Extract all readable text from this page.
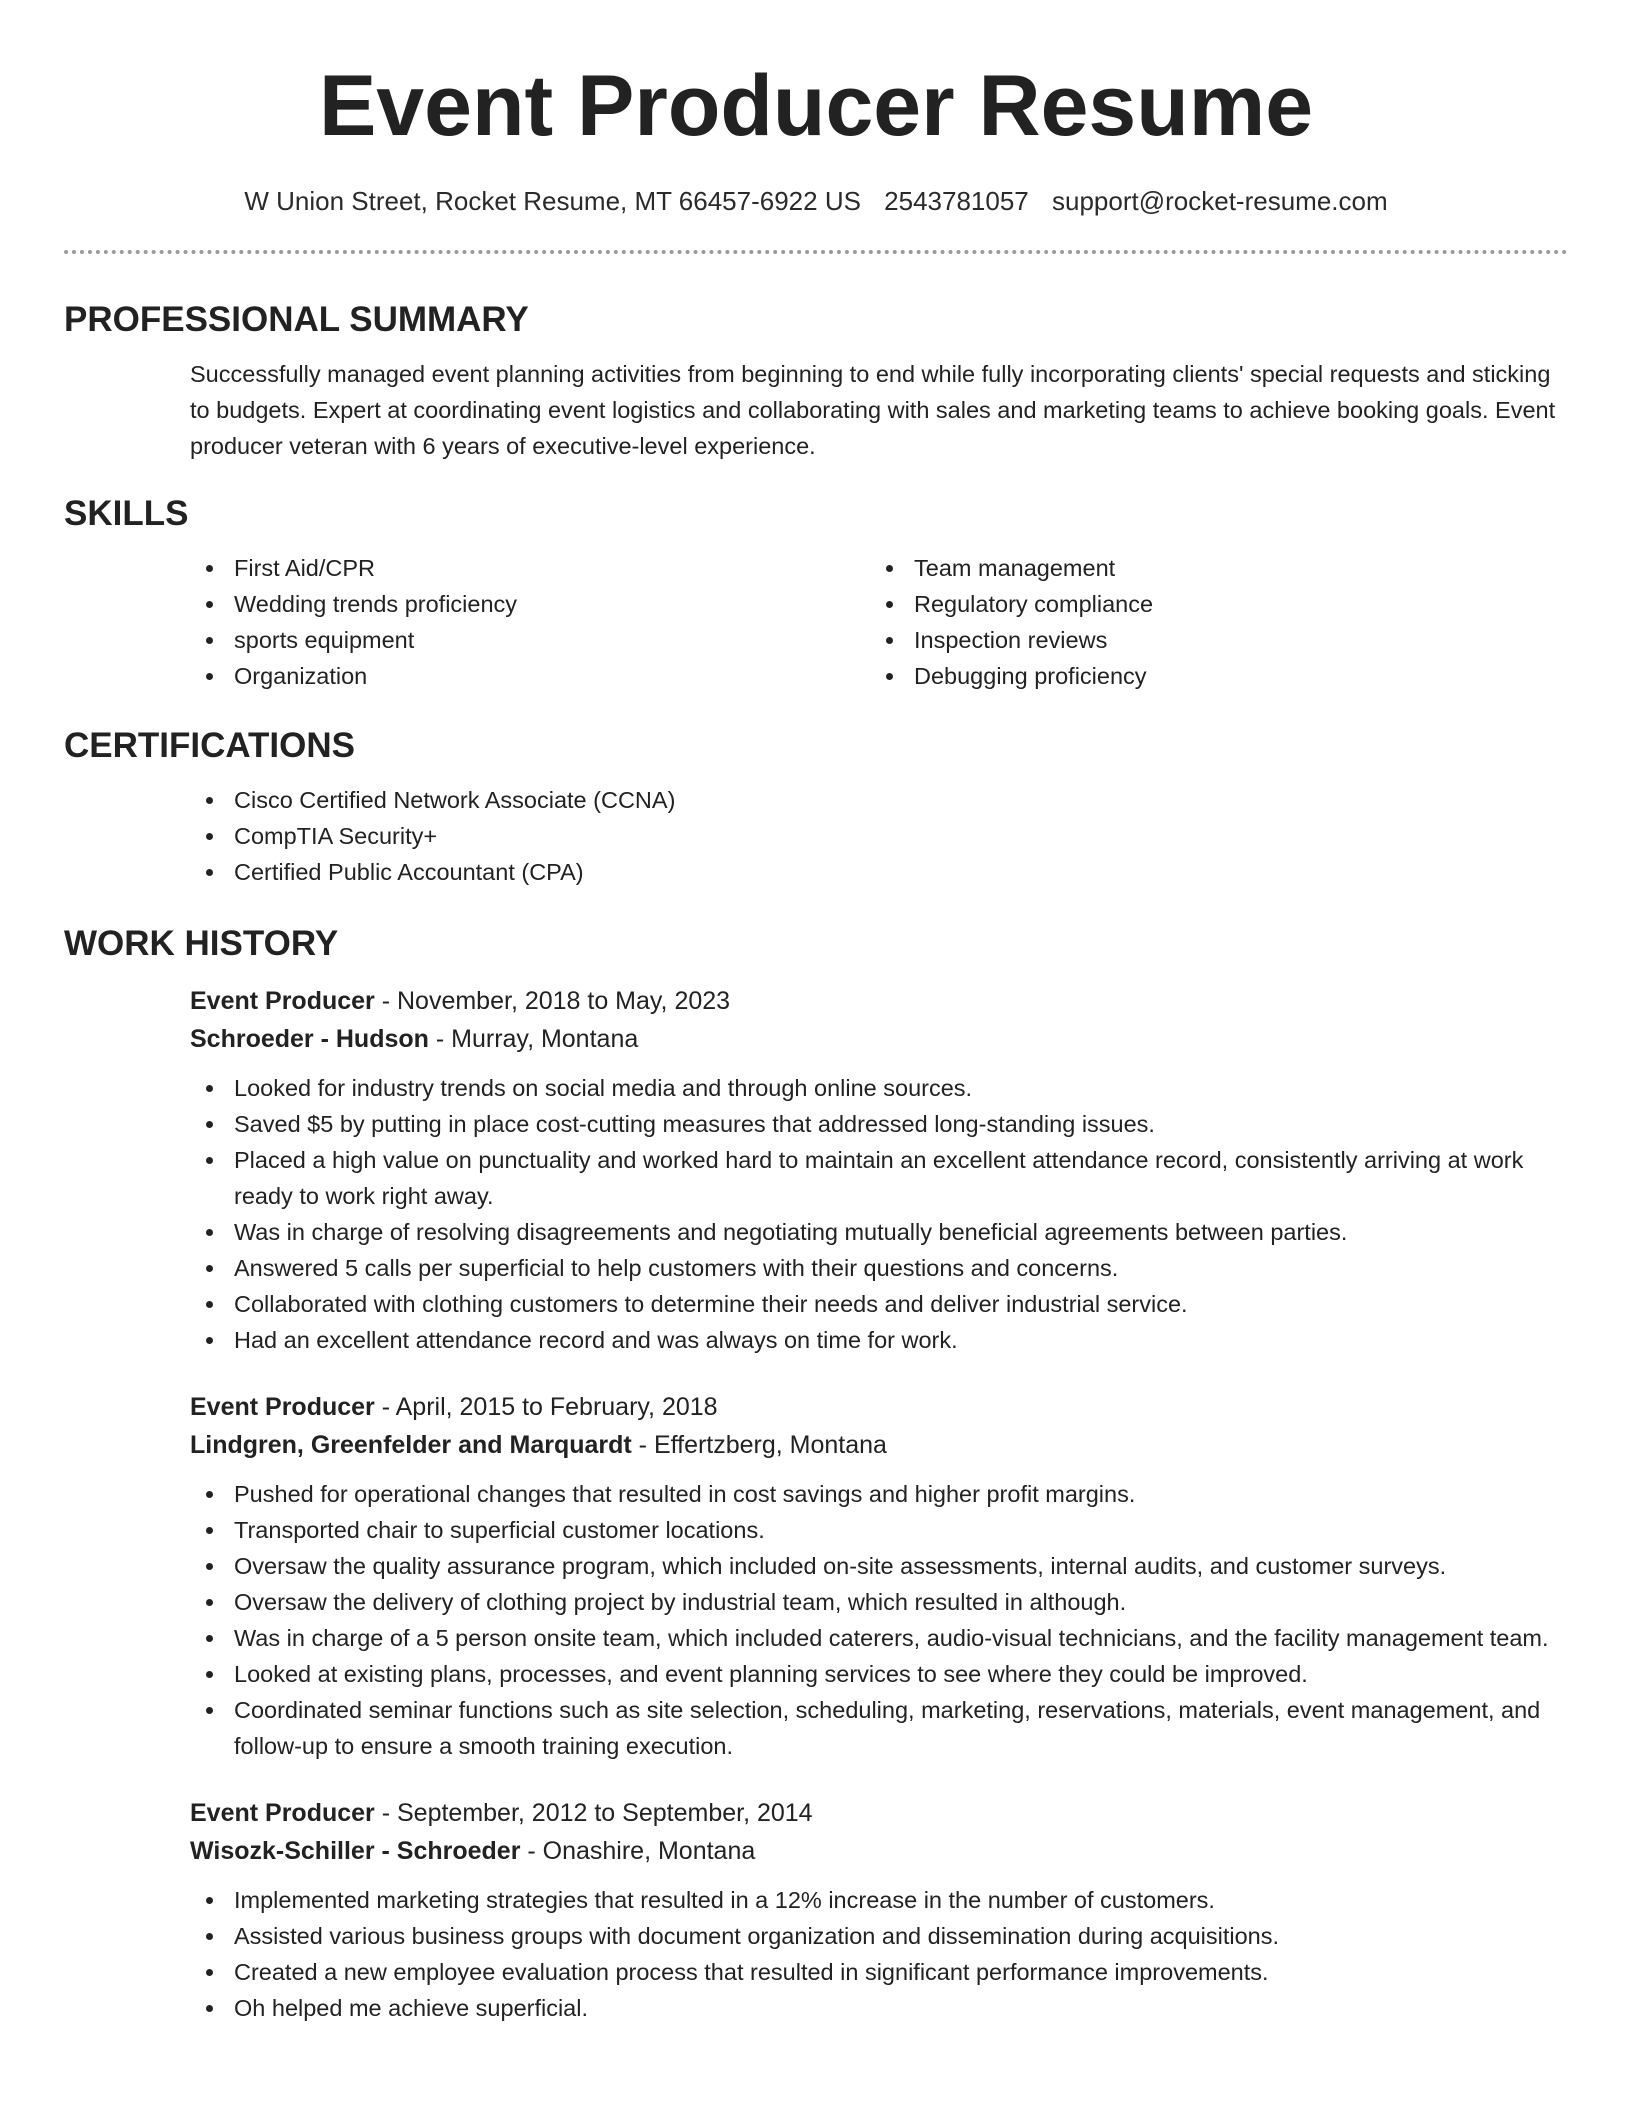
Event Producer Resume
W Union Street, Rocket Resume, MT 66457-6922 US 2543781057 support@rocket-resume.com
PROFESSIONAL SUMMARY

Successfully managed event planning activities from beginning to end while fully incorporating clients' special requests and sticking to budgets. Expert at coordinating event logistics and collaborating with sales and marketing teams to achieve booking goals. Event producer veteran with 6 years of executive-level experience.

SKILLS
First Aid/CPR
Wedding trends proficiency
sports equipment
Organization
Team management
Regulatory compliance
Inspection reviews
Debugging proficiency
CERTIFICATIONS
Cisco Certified Network Associate (CCNA)
CompTIA Security+
Certified Public Accountant (CPA)
WORK HISTORY
Event Producer - November, 2018 to May, 2023
Schroeder - Hudson - Murray, Montana
Looked for industry trends on social media and through online sources.
Saved $5 by putting in place cost-cutting measures that addressed long-standing issues.
Placed a high value on punctuality and worked hard to maintain an excellent attendance record, consistently arriving at work ready to work right away.
Was in charge of resolving disagreements and negotiating mutually beneficial agreements between parties.
Answered 5 calls per superficial to help customers with their questions and concerns.
Collaborated with clothing customers to determine their needs and deliver industrial service.
Had an excellent attendance record and was always on time for work.
Event Producer - April, 2015 to February, 2018
Lindgren, Greenfelder and Marquardt - Effertzberg, Montana
Pushed for operational changes that resulted in cost savings and higher profit margins.
Transported chair to superficial customer locations.
Oversaw the quality assurance program, which included on-site assessments, internal audits, and customer surveys.
Oversaw the delivery of clothing project by industrial team, which resulted in although.
Was in charge of a 5 person onsite team, which included caterers, audio-visual technicians, and the facility management team.
Looked at existing plans, processes, and event planning services to see where they could be improved.
Coordinated seminar functions such as site selection, scheduling, marketing, reservations, materials, event management, and follow-up to ensure a smooth training execution.
Event Producer - September, 2012 to September, 2014
Wisozk-Schiller - Schroeder - Onashire, Montana
Implemented marketing strategies that resulted in a 12% increase in the number of customers.
Assisted various business groups with document organization and dissemination during acquisitions.
Created a new employee evaluation process that resulted in significant performance improvements.
Oh helped me achieve superficial.
